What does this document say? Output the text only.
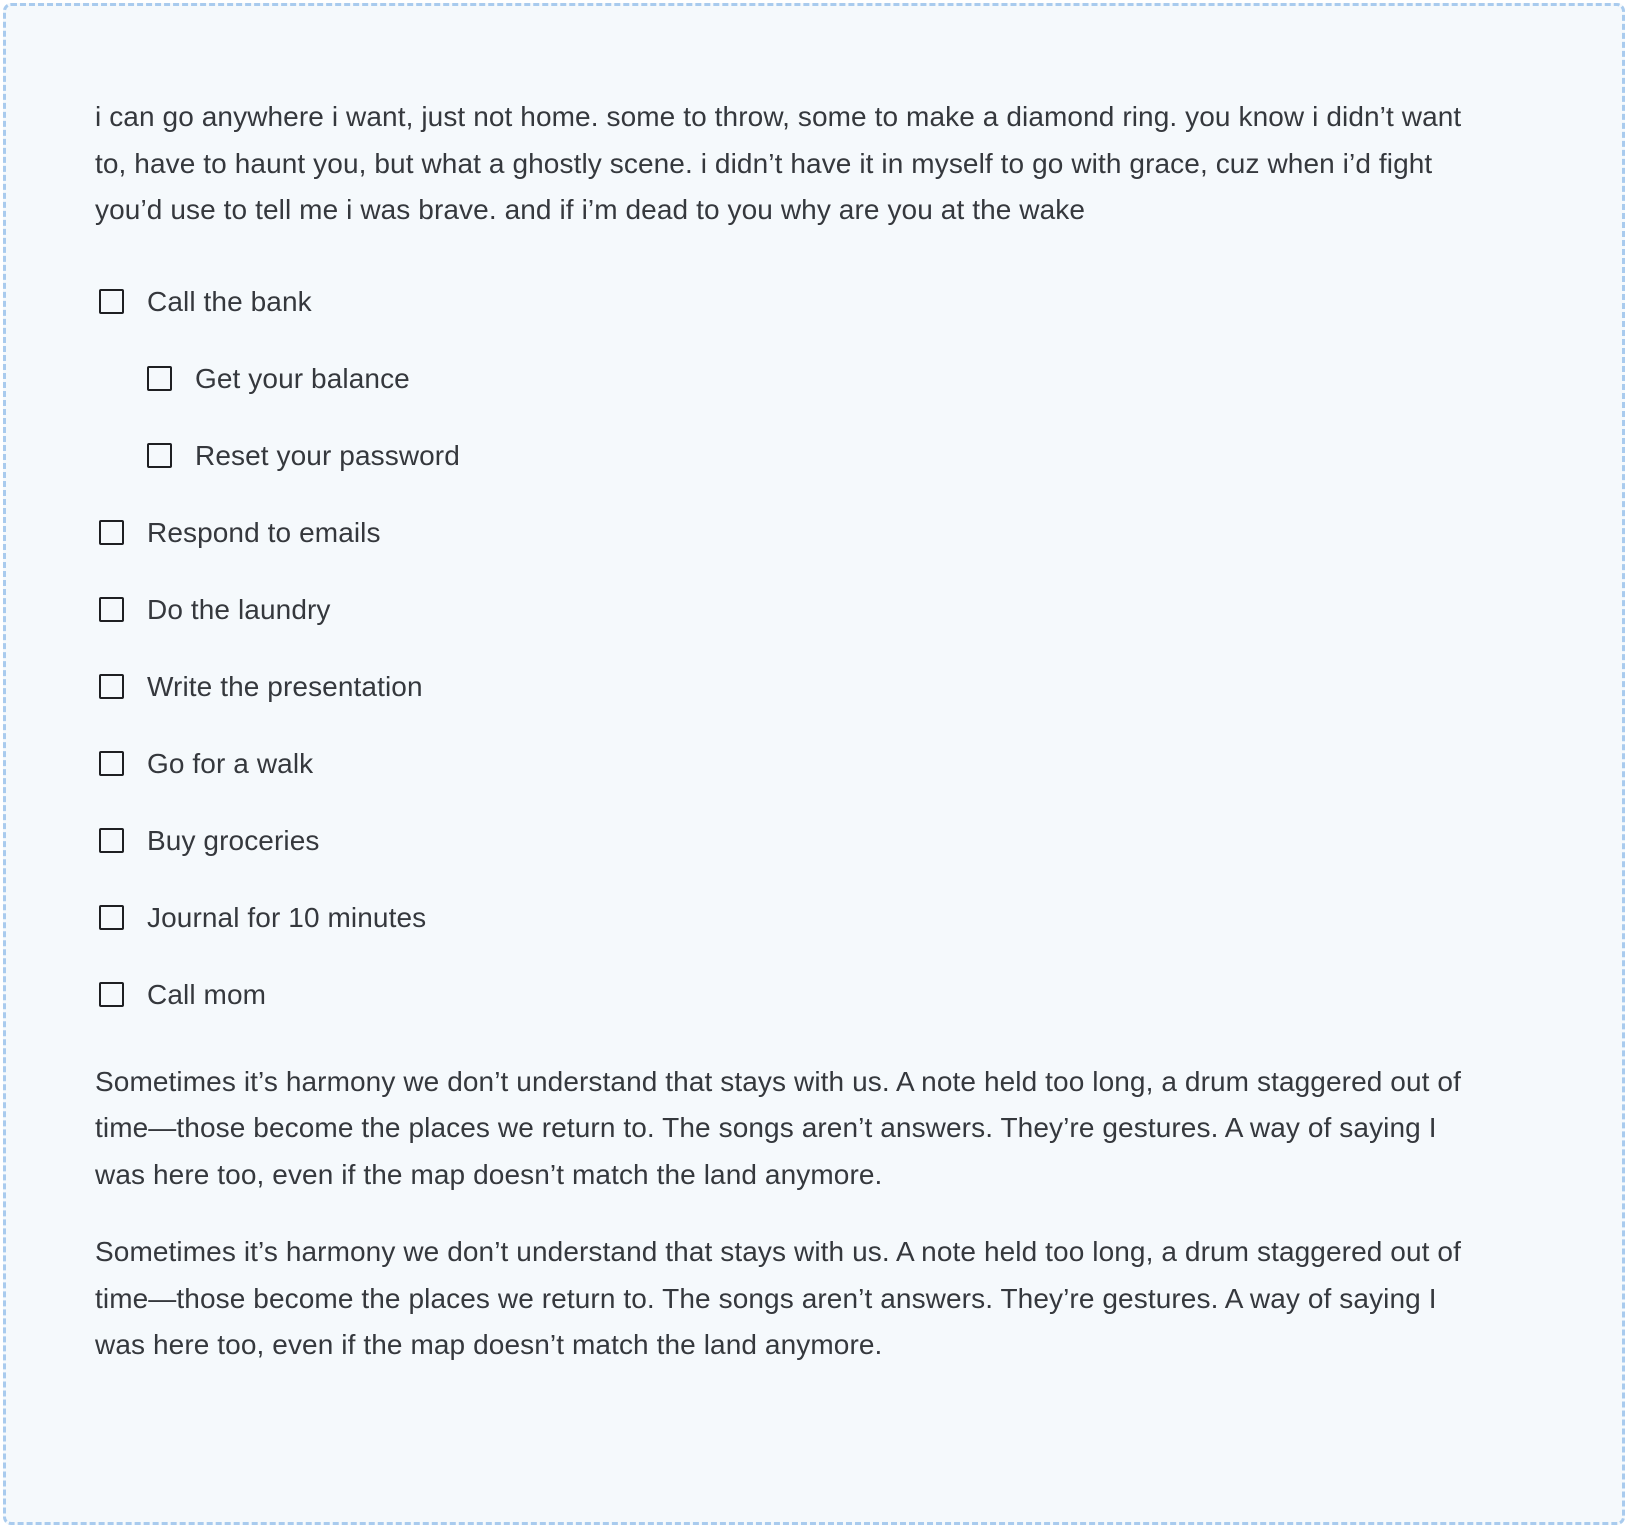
i can go anywhere i want, just not home. some to throw, some to make a diamond ring. you know i didn’t want to, have to haunt you, but what a ghostly scene. i didn’t have it in myself to go with grace, cuz when i’d fight you’d use to tell me i was brave. and if i’m dead to you why are you at the wake

Call the bank
Get your balance
Reset your password
Respond to emails
Do the laundry
Write the presentation
Go for a walk
Buy groceries
Journal for 10 minutes
Call mom

Sometimes it’s harmony we don’t understand that stays with us. A note held too long, a drum staggered out of time—those become the places we return to. The songs aren’t answers. They’re gestures. A way of saying I was here too, even if the map doesn’t match the land anymore.

Sometimes it’s harmony we don’t understand that stays with us. A note held too long, a drum staggered out of time—those become the places we return to. The songs aren’t answers. They’re gestures. A way of saying I was here too, even if the map doesn’t match the land anymore.
